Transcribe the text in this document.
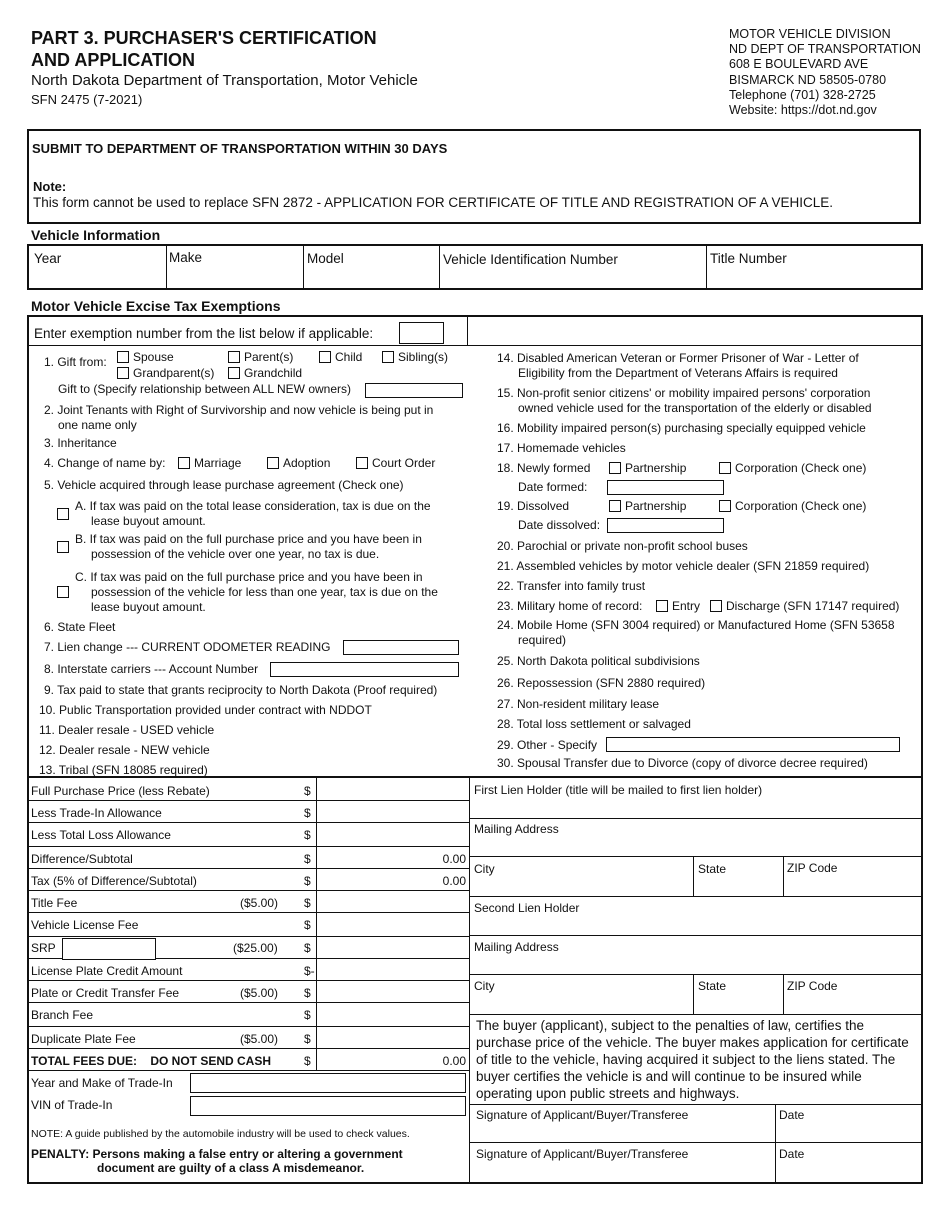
PART 3. PURCHASER'S CERTIFICATION
AND APPLICATION
North Dakota Department of Transportation, Motor Vehicle
SFN 2475 (7-2021)
MOTOR VEHICLE DIVISION
ND DEPT OF TRANSPORTATION
608 E BOULEVARD AVE
BISMARCK ND 58505-0780
Telephone (701) 328-2725
Website: https://dot.nd.gov
SUBMIT TO DEPARTMENT OF TRANSPORTATION WITHIN 30 DAYS
Note:
This form cannot be used to replace SFN 2872 - APPLICATION FOR CERTIFICATE OF TITLE AND REGISTRATION OF A VEHICLE.
Vehicle Information
Year	Make	Model	Vehicle Identification Number	Title Number
Motor Vehicle Excise Tax Exemptions
Enter exemption number from the list below if applicable:
1. Gift from:	Spouse	Parent(s)	Child	Sibling(s)
Grandparent(s)	Grandchild
Gift to (Specify relationship between ALL NEW owners)
2. Joint Tenants with Right of Survivorship and now vehicle is being put in
one name only
3. Inheritance
4. Change of name by:	Marriage	Adoption	Court Order
5. Vehicle acquired through lease purchase agreement (Check one)
A. If tax was paid on the total lease consideration, tax is due on the
lease buyout amount.
B. If tax was paid on the full purchase price and you have been in
possession of the vehicle over one year, no tax is due.
C. If tax was paid on the full purchase price and you have been in
possession of the vehicle for less than one year, tax is due on the
lease buyout amount.
6. State Fleet
7. Lien change --- CURRENT ODOMETER READING
8. Interstate carriers --- Account Number
9. Tax paid to state that grants reciprocity to North Dakota (Proof required)
10. Public Transportation provided under contract with NDDOT
11. Dealer resale - USED vehicle
12. Dealer resale - NEW vehicle
13. Tribal (SFN 18085 required)
14. Disabled American Veteran or Former Prisoner of War - Letter of
Eligibility from the Department of Veterans Affairs is required
15. Non-profit senior citizens' or mobility impaired persons' corporation
owned vehicle used for the transportation of the elderly or disabled
16. Mobility impaired person(s) purchasing specially equipped vehicle
17. Homemade vehicles
18. Newly formed	Partnership	Corporation (Check one)
Date formed:
19. Dissolved	Partnership	Corporation (Check one)
Date dissolved:
20. Parochial or private non-profit school buses
21. Assembled vehicles by motor vehicle dealer (SFN 21859 required)
22. Transfer into family trust
23. Military home of record:	Entry	Discharge (SFN 17147 required)
24. Mobile Home (SFN 3004 required) or Manufactured Home (SFN 53658
required)
25. North Dakota political subdivisions
26. Repossession (SFN 2880 required)
27. Non-resident military lease
28. Total loss settlement or salvaged
29. Other - Specify
30. Spousal Transfer due to Divorce (copy of divorce decree required)
Full Purchase Price (less Rebate)	$
Less Trade-In Allowance	$
Less Total Loss Allowance	$
Difference/Subtotal	$	0.00
Tax (5% of Difference/Subtotal)	$	0.00
Title Fee	($5.00) $
Vehicle License Fee	$
SRP	($25.00) $
License Plate Credit Amount	$-
Plate or Credit Transfer Fee	($5.00) $
Branch Fee	$
Duplicate Plate Fee	($5.00) $
TOTAL FEES DUE:    DO NOT SEND CASH	$	0.00
Year and Make of Trade-In
VIN of Trade-In
NOTE: A guide published by the automobile industry will be used to check values.
PENALTY: Persons making a false entry or altering a government
document are guilty of a class A misdemeanor.
First Lien Holder (title will be mailed to first lien holder)
Mailing Address
City	State	ZIP Code
Second Lien Holder
Mailing Address
City	State	ZIP Code
The buyer (applicant), subject to the penalties of law, certifies the purchase price of the vehicle. The buyer makes application for certificate of title to the vehicle, having acquired it subject to the liens stated. The buyer certifies the vehicle is and will continue to be insured while operating upon public streets and highways.
Signature of Applicant/Buyer/Transferee	Date
Signature of Applicant/Buyer/Transferee	Date
